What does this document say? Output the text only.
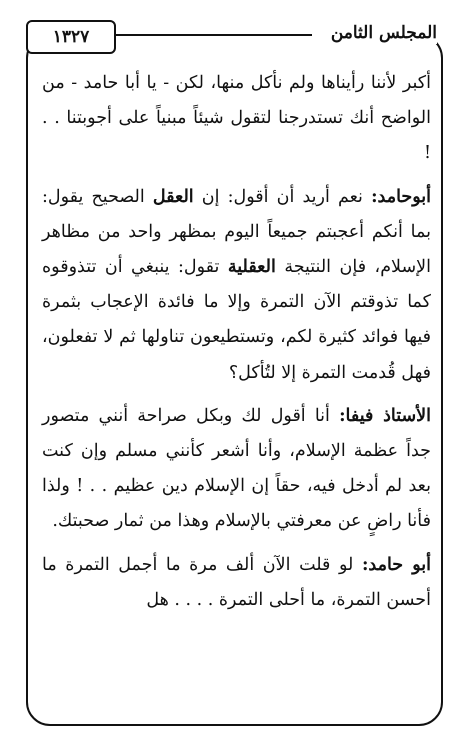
١٣٢٧	المجلس الثامن

أكبر لأننا رأيناها ولم نأكل منها، لكن - يا أبا حامد - من الواضح أنك تستدرجنا لتقول شيئاً مبنياً على أجوبتنا . . !

أبوحامد: نعم أريد أن أقول: إن العقل الصحيح يقول: بما أنكم أعجبتم جميعاً اليوم بمظهر واحد من مظاهر الإسلام، فإن النتيجة العقلية تقول: ينبغي أن تتذوقوه كما تذوقتم الآن التمرة وإلا ما فائدة الإعجاب بثمرة فيها فوائد كثيرة لكم، وتستطيعون تناولها ثم لا تفعلون، فهل قُدمت التمرة إلا لتُأكل؟

الأستاذ فيفا: أنا أقول لك وبكل صراحة أنني متصور جداً عظمة الإسلام، وأنا أشعر كأنني مسلم وإن كنت بعد لم أدخل فيه، حقاً إن الإسلام دين عظيم . . ! ولذا فأنا راضٍ عن معرفتي بالإسلام وهذا من ثمار صحبتك.

أبو حامد: لو قلت الآن ألف مرة ما أجمل التمرة ما أحسن التمرة، ما أحلى التمرة . . . . هل
